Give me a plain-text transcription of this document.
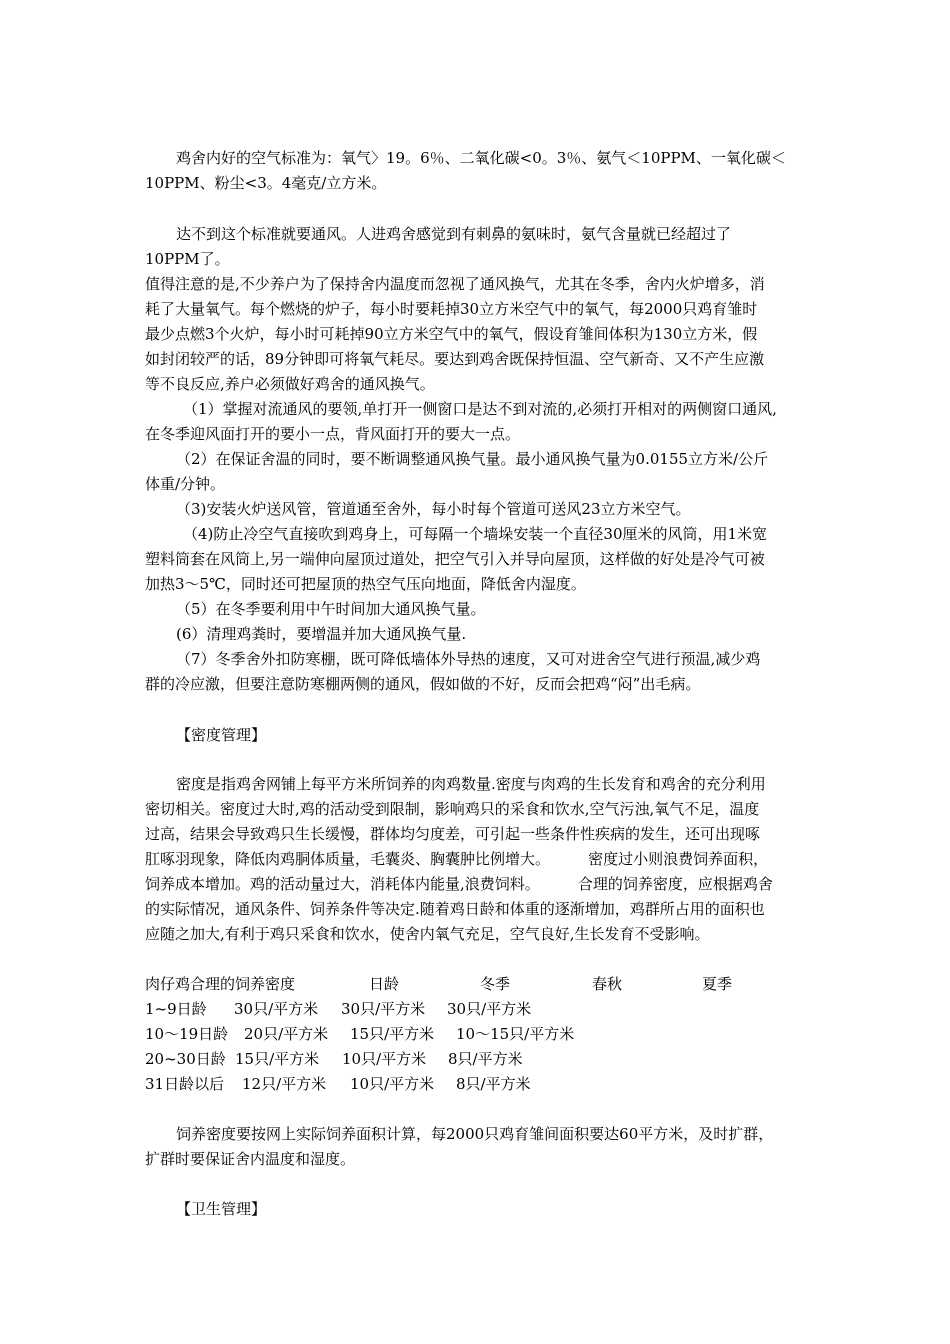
鸡舍内好的空气标准为：氧气〉19。6％、二氧化碳<0。3％、氨气＜10PPM、一氧化碳＜
10PPM、粉尘<3。4毫克/立方米。
达不到这个标准就要通风。人进鸡舍感觉到有刺鼻的氨味时，氨气含量就已经超过了
10PPM了。
值得注意的是,不少养户为了保持舍内温度而忽视了通风换气，尤其在冬季，舍内火炉增多，消
耗了大量氧气。每个燃烧的炉子，每小时要耗掉30立方米空气中的氧气，每2000只鸡育雏时
最少点燃3个火炉，每小时可耗掉90立方米空气中的氧气，假设育雏间体积为130立方米，假
如封闭较严的话，89分钟即可将氧气耗尽。要达到鸡舍既保持恒温、空气新奇、又不产生应激
等不良反应,养户必须做好鸡舍的通风换气。
（1）掌握对流通风的要领,单打开一侧窗口是达不到对流的,必须打开相对的两侧窗口通风,
在冬季迎风面打开的要小一点，背风面打开的要大一点。
（2）在保证舍温的同时，要不断调整通风换气量。最小通风换气量为0.0155立方米/公斤
体重/分钟。
（3)安装火炉送风管，管道通至舍外，每小时每个管道可送风23立方米空气。
（4)防止冷空气直接吹到鸡身上，可每隔一个墙垛安装一个直径30厘米的风筒，用1米宽
塑料筒套在风筒上,另一端伸向屋顶过道处，把空气引入并导向屋顶，这样做的好处是冷气可被
加热3～5℃，同时还可把屋顶的热空气压向地面，降低舍内湿度。
（5）在冬季要利用中午时间加大通风换气量。
(6）清理鸡粪时，要增温并加大通风换气量.
（7）冬季舍外扣防寒棚，既可降低墙体外导热的速度，又可对进舍空气进行预温,减少鸡
群的冷应激，但要注意防寒棚两侧的通风，假如做的不好，反而会把鸡“闷”出毛病。
【密度管理】
密度是指鸡舍网铺上每平方米所饲养的肉鸡数量.密度与肉鸡的生长发育和鸡舍的充分利用
密切相关。密度过大时,鸡的活动受到限制，影响鸡只的采食和饮水,空气污浊,氧气不足，温度
过高，结果会导致鸡只生长缓慢，群体均匀度差，可引起一些条件性疾病的发生，还可出现啄
肛啄羽现象，降低肉鸡胴体质量，毛囊炎、胸囊肿比例增大。        密度过小则浪费饲养面积，
饲养成本增加。鸡的活动量过大，消耗体内能量,浪费饲料。        合理的饲养密度，应根据鸡舍
的实际情况，通风条件、饲养条件等决定.随着鸡日龄和体重的逐渐增加，鸡群所占用的面积也
应随之加大,有利于鸡只采食和饮水，使舍内氧气充足，空气良好,生长发育不受影响。
肉仔鸡合理的饲养密度	日龄	冬季	春秋	夏季
1~9日龄 30只/平方米 30只/平方米 30只/平方米
10～19日龄 20只/平方米 15只/平方米 10～15只/平方米
20~30日龄 15只/平方米 10只/平方米 8只/平方米
31日龄以后 12只/平方米 10只/平方米 8只/平方米
饲养密度要按网上实际饲养面积计算，每2000只鸡育雏间面积要达60平方米，及时扩群，
扩群时要保证舍内温度和湿度。
【卫生管理】
